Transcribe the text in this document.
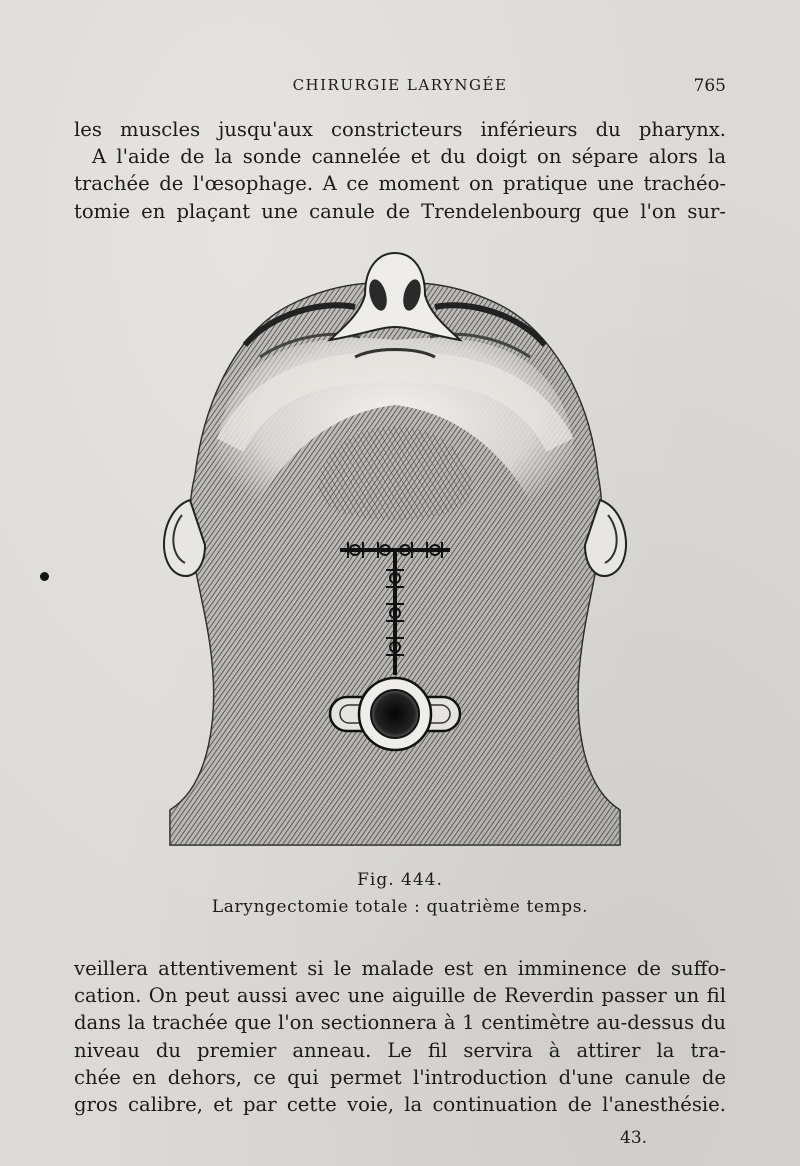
CHIRURGIE LARYNGÉE	765
les muscles jusqu'aux constricteurs inférieurs du pharynx.
A l'aide de la sonde cannelée et du doigt on sépare alors la
trachée de l'œsophage. A ce moment on pratique une trachéo-
tomie en plaçant une canule de Trendelenbourg que l'on sur-
Fig. 444.
Laryngectomie totale : quatrième temps.
veillera attentivement si le malade est en imminence de suffo-
cation. On peut aussi avec une aiguille de Reverdin passer un fil
dans la trachée que l'on sectionnera à 1 centimètre au-dessus du
niveau du premier anneau. Le fil servira à attirer la tra-
chée en dehors, ce qui permet l'introduction d'une canule de
gros calibre, et par cette voie, la continuation de l'anesthésie.
43.
